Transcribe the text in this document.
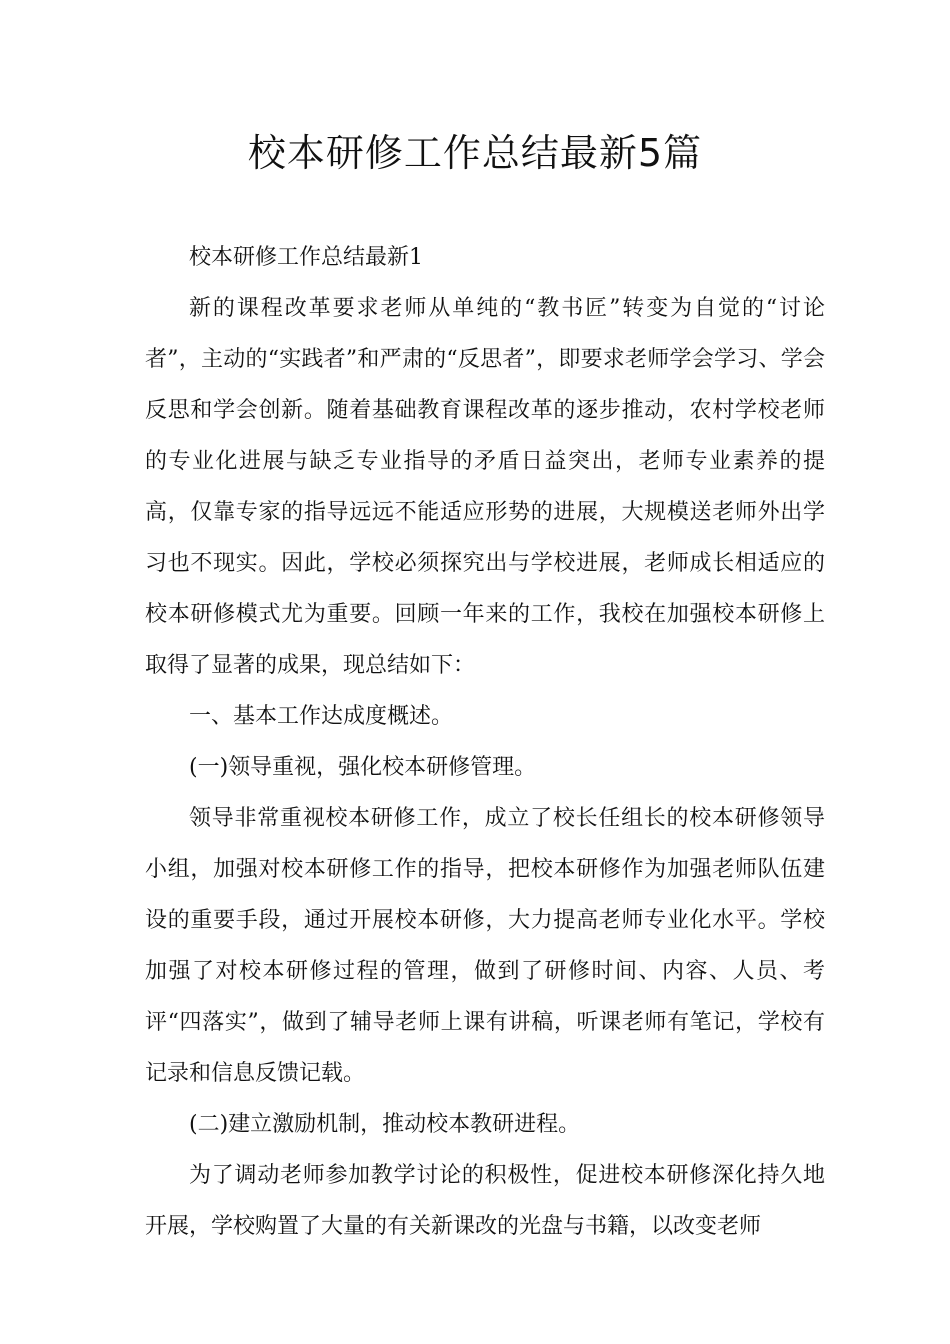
校本研修工作总结最新5篇

校本研修工作总结最新1

新的课程改革要求老师从单纯的“教书匠”转变为自觉的“讨论者”，主动的“实践者”和严肃的“反思者”，即要求老师学会学习、学会反思和学会创新。随着基础教育课程改革的逐步推动，农村学校老师的专业化进展与缺乏专业指导的矛盾日益突出，老师专业素养的提高，仅靠专家的指导远远不能适应形势的进展，大规模送老师外出学习也不现实。因此，学校必须探究出与学校进展，老师成长相适应的校本研修模式尤为重要。回顾一年来的工作，我校在加强校本研修上取得了显著的成果，现总结如下：

一、基本工作达成度概述。

(一)领导重视，强化校本研修管理。

领导非常重视校本研修工作，成立了校长任组长的校本研修领导小组，加强对校本研修工作的指导，把校本研修作为加强老师队伍建设的重要手段，通过开展校本研修，大力提高老师专业化水平。学校加强了对校本研修过程的管理，做到了研修时间、内容、人员、考评“四落实”，做到了辅导老师上课有讲稿，听课老师有笔记，学校有记录和信息反馈记载。

(二)建立激励机制，推动校本教研进程。

为了调动老师参加教学讨论的积极性，促进校本研修深化持久地开展，学校购置了大量的有关新课改的光盘与书籍，以改变老师
